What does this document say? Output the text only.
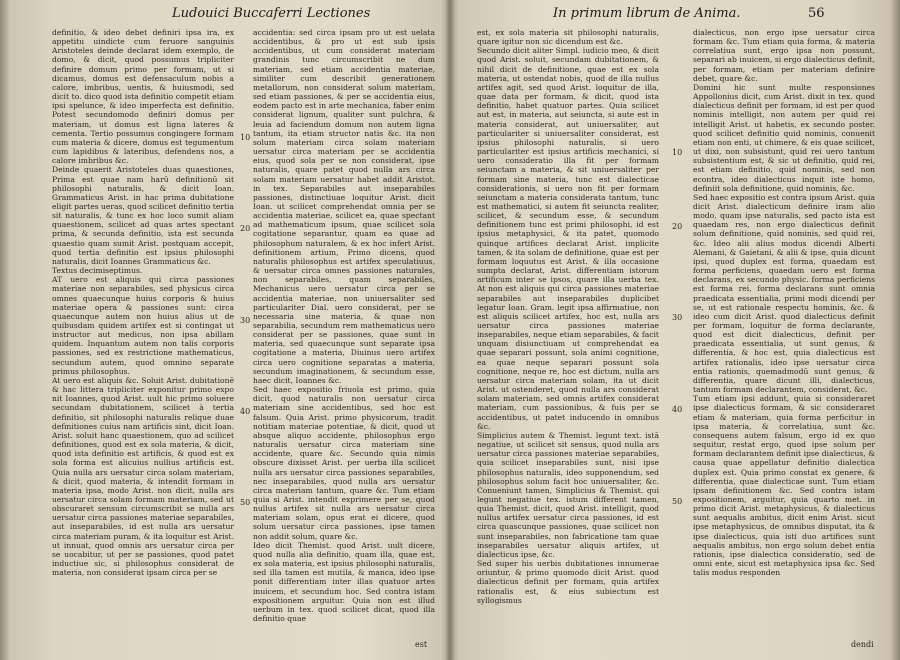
Ludouici Buccaferri Lectiones
definitio, & ideo debet definiri ipsa ira, ex appetitu uindicte cum feruore sanguinis Aristoteles deinde declarat idem exemplo, de domo, & dicit, quod possumus tripliciter definire domum primo per formam, ut si dicamus, domus est defensaculum nobis a calore, imbribus, uentis, & huiusmodi, sed dicit to. dico quod ista definitio competit etiam ipsi spelunce, & ideo imperfecta est definitio. Potest secundomodo definiri domus per materiam, ut domus est ligna lateres & cementa. Tertio possumus congingere formam cum materia & dicere, domus est tegumentum cum lapidibus & lateribus, defendens nos, a calore imbribus &c.
Deinde quaerit Aristoteles duas quaestiones, Prima est quae nam harū definitionū sit philosophi naturalis, & dicit Ioan. Grammaticus Arist. in hac prima dubitatione eligit partes ueras, quod scilicet definitio tertia sit naturalis, & tunc ex hoc loco sumit aliam quaestionem, scilicet ad quas artes spectant prima, & secunda definitio, ista est secunda quaestio quam sumit Arist. postquam accepit, quod tertia definitio est ipsius philosophi naturalis, dicit Ioannes Grammaticus &c.
Textus decimiseptimus.
AT uero est aliquis qui circa passiones materiae non separabiles, sed physicus circa omnes quaecunque huius corporis & huius materiae opera & passiones sunt: circa quaecunque autem non huius alius ut de quibusdam quidem artifex est si contingat ut instructor aut medicus, non ipsa abillam quidem. Inquantum autem non talis corporis passiones, sed ex restrictione mathematicus, secundum autem, quod omnino separate primus philosophus.
At uero est aliquis &c. Soluit Arist. dubitationē & hac littera tripliciter exponitur primo expo nit Ioannes, quod Arist. uult hic primo soluere secundam dubitationem, scilicet à tertia definitio, sit philosophi naturalis relique duae definitiones cuius nam artificis sint, dicit Ioan. Arist. soluit hanc quaestionem, quo ad scilicet definitiones, quod est ex sola materia, & dicit, quod ista definitio est artificis, & quod est ex sola forma est alicuius nullius artificis est. Quia nulla ars uersatur circa solam materiam, & dicit, quod materia, & intendit formam in materia ipsa, modo Arist. non dicit, nulla ars uersatur circa solam formam materiam, sed ut obscuraret sensum circumscribit se nulla ars uersatur circa passiones materiae separabiles, aut inseparabiles, id est nulla ars uersatur circa materiam puram, & ita loquitur est Arist. ut innuat, quod omnis ars uersatur circa per se uocabitur, ut per se passiones, quod patet inductiue sic, si philosophus considerat de materia, non considerat ipsam circa per se
accidentia: sed circa ipsam pro ut est uelata accidentibus, & pro ut est sub ipsis accidentibus, ut cum considerat materiam grandinis tunc circumscribit ne dum materiam, sed etiam accidentia materiae, similiter cum describit generationem metallorum, non considerat solum materiam, sed etiam passiones, & per se accidentia eius, eodem pacto est in arte mechanica, faber enim considerat lignum, qualiter sunt pulchra, & leuia ad faciendum domum non autem ligna tantum, ita etiam structor natis &c. ita non solum materiam circa solam materiam uersatur circa materiam per se accidentia eius, quod sola per se non considerat, ipse naturalis, quare patet quod nulla ars circa solam materiam uersatur habet addit Aristot. in tex. Separabiles aut inseparabiles passiones, distinctiuae loquitur Arist. dicit Ioan. ut scilicet comprehendat omnia per se accidentia materiae, scilicet ea, quae spectant ad mathematicum ipsum, quae scilicet sola cogitatione separantur, quam ea quae ad philosophum naturalem, & ex hoc infert Arist. definitionem artium, Primo dicens, quod naturalis philosophus est artifex speculatiuus, & uersatur circa omnes passiones naturales, non separabiles, quam separabiles, Mechanicus uero uersatur circa per se accidentia materiae, non uniuersaliter sed particulariter Dial. uero considerat, per se necessaria sine materia, & quae non separabilia, secundum rem mathematicus uero considerat per se passiones, quae sunt in materia, sed quaecunque sunt separate ipsa cogitatione a materia, Diuinus uero artifex circa uero cognitione separatas a materia, secundum imaginationem, & secundum esse, haec dicit, Ioannes &c.
Sed haec expositio friuola est primo, quia dicit, quod naturalis non uersatur circa materiam sine accidentibus, sed hoc est falsum. Quia Arist. primo physicorum, tradit notitiam materiae potentiae, & dicit, quod ut absque aliquo accidente, philosophus ergo naturalis uersatur circa materiam sine accidente, quare &c. Secundo quia nimis obscure dixisset Arist. per uerba illa scilicet nulla ars uersatur circa passiones separabiles, nec inseparabiles, quod nulla ars uersatur circa materiam tantum, quare &c. Tum etiam quia si Arist. intendit exprimere per se, quod nullus artifex sit nulla ars uersatur circa materiam solam, opus erat ei dicere, quod solum uersatur circa passiones, ipse tamen non addit solum, quare &c.
Ideo dicit Themist. quod Arist. uult dicere, quod nulla alia definitio, quam illa, quae est, ex sola materia, est ipsius philosophi naturalis, sed illa tamen est mutila, & manca, ideo ipse ponit differentiam inter illas quatuor artes inuicem, et secundum hoc. Sed contra istam expositionem arguitur. Quia non est illud uerbum in tex. quod scilicet dicat, quod illa definitio quae
10
20
30
40
50
est
In primum librum de Anima.	56
est, ex sola materia sit philosophi naturalis, quare igitur non sic dicendum est &c.
Secundo dicit aliter Simpl. iudicio meo, & dicit quod Arist. soluit, secundam dubitationem, & nihil dicit de definitione, quae est ex sola materia, ut ostendat nobis, quod de illa nullus artifex agit, sed quod Arist. loquitur de illa, quae data per formam, & dicit, quod ista definitio, habet quatuor partes. Quia scilicet aut est, in materia, aut seiuncta, si aute est in materia considerat, aut uniuersaliter, aut particulariter si uniuersaliter considerat, est ipsius philosophi naturalis, si uero particulariter est ipsius artificis mechanici, si uero consideratio illa fit per formam seiunctam a materia, & sit uniuersaliter per formam sine materia, tunc est dialecticae considerationis, si uero non fit per formam seiunctam a materia considerata tantum, tunc est mathematici, si autem fit seiuncta realiter, scilicet, & secundum esse, & secundum definitionem tunc est primi philosophi, id est ipsius metaphysici, & ita patet, quomodo quinque artifices declarat Arist. implicite tamen, & ita solam de definitione, quae est per formam loquutus est Arist. & illa occasione sumpta declarat, Arist. differentiam istorum artificum inter se ipsos, quare illa uerba tex. At non est aliquis qui circa passiones materiae separabiles aut inseparabiles duplicibet legatur Ioan. Gram. legit ipsa affirmatiue, non est aliquis scilicet artifex, hoc est, nulla ars uersatur circa passiones materiae inseparabiles, neque etiam separabiles, & facit unquam disiunctiuam ut comprehendat ea quae separari possunt, sola animi cognitione, ea quae neque separari possunt sola cognitione, neque re, hoc est dictum, nulla ars uersatur circa materiam solam, ita ut dicit Arist. ut ostenderet, quod nulla ars considerat solam materiam, sed omnis artifex considerat materiam, cum passionibus, & fuis per se accidentibus, ut patet inducendo in omnibus &c.
Simplicius autem & Themist. legunt text. istā negatiue, ut scilicet sit sensus, quod nulla ars uersatur circa passiones materiae separabiles, quia scilicet inseparabiles sunt, nisi ipse philosophus naturalis, ideo supponendum, sed philosophus solum facit hoc uniuersaliter, &c. Conueniunt tamen, Simplicius & Themist. qui legunt negatiue tex. istum different tamen, quia Themist. dicit, quod Arist. intelligit, quod nullus artifex uersatur circa passiones, id est circa quascunque passiones, quae scilicet non sunt inseparabiles, non fabricatione tam quae inseparabiles uersatur aliquis artifex, ut dialecticus ipse, &c.
Sed super his uerbis dubitationes innumerae oriuntur, & primo quomodo dicit Arist. quod dialecticus definit per formam, quia artifex rationalis est, & eius subiectum est syllogismus
dialecticus, non ergo ipse uersatur circa formam &c. Tum etiam quia forma, & materia correlatiua sunt, ergo ipsa non possunt, separari ab inuicem, si ergo dialecticus definit, per formam, etiam per materiam definire debet, quare &c.
Domini hic sunt multe responsiones Appollonius dicit, cum Arist. dixit in tex. quod dialecticus definit per formam, id est per quod nominis intelligit, non autem per quid rei intelligit Arist. ut habetis, ex secundo poster. quod scilicet definitio quid nominis, conuenit etiam non enti, ut chimere, & eis quae scilicet, ut dixi, non subsistunt, quid rei uero tantum subsistentium est, & sic ut definitio, quid rei, est etiam definitio, quid nominis, sed non econtra, ideo dialecticus inquit iste homo, definiit sola definitione, quid nominis, &c.
Sed haec expositio est contra ipsum Arist. quia dicit Arist. dialecticum definire iram alio modo, quam ipse naturalis, sed pacto ista est quaedam res, non ergo dialecticus definit solum definitione, quid nominis, sed quid rei, &c. Ideo alii alius modus dicendi Alberti Alemani, & Gaietani, & alii & ipse, quia dicunt ipsi, quod duplex est forma, quaedam est forma perficiens, quaedam uero est forma declarans, ex secundo physic. forma perficiens est forma rei, forma declarans sunt omnia praedicata essentialia, primi modi dicendi per se, ut est rationale respectu hominis, &c. & ideo cum dicit Arist. quod dialecticus definit per formam, loquitur de forma declarante, quod est dicit dialecticus, definit per praedicata essentialia, ut sunt genus, & differentia, & hoc est, quia dialecticus est artifex rationalis, ideo ipse uersatur circa entia rationis, quemadmodū sunt genus, & differentia, quare dicunt illi, dialecticus, tantum formam declarantem, considerat, &c.
Tum etiam ipsi addunt, quia si consideraret ipse dialecticus formam, & sic consideraret etiam & materiam, quia forma perficitur in ipsa materia, & correlatiua, sunt &c. consequens autem falsum, ergo id ex quo sequitur, restat ergo, quod ipse solum per formam declarantem definit ipse dialecticus, & causa quae appellatur definitio dialectica duplex est. Quia primo constat ex genere, & differentia, quae dialecticae sunt. Tum etiam ipsam definitionem &c. Sed contra istam expositionem, arguitur, quia quarto met. in primo dicit Arist. metaphysicus, & dialecticus sunt aequalis ambitus, dicit enim Arist. sicut ipse metaphysicus, de omnibus disputat, ita & ipse dialecticus, quia isti duo artifices sunt aequalis ambitus, non ergo solum debet entia rationis, ipse dialectica consideratio, sed de omni ente, sicut est metaphysica ipsa &c. Sed talis modus responden
10
20
30
40
50
dendi
